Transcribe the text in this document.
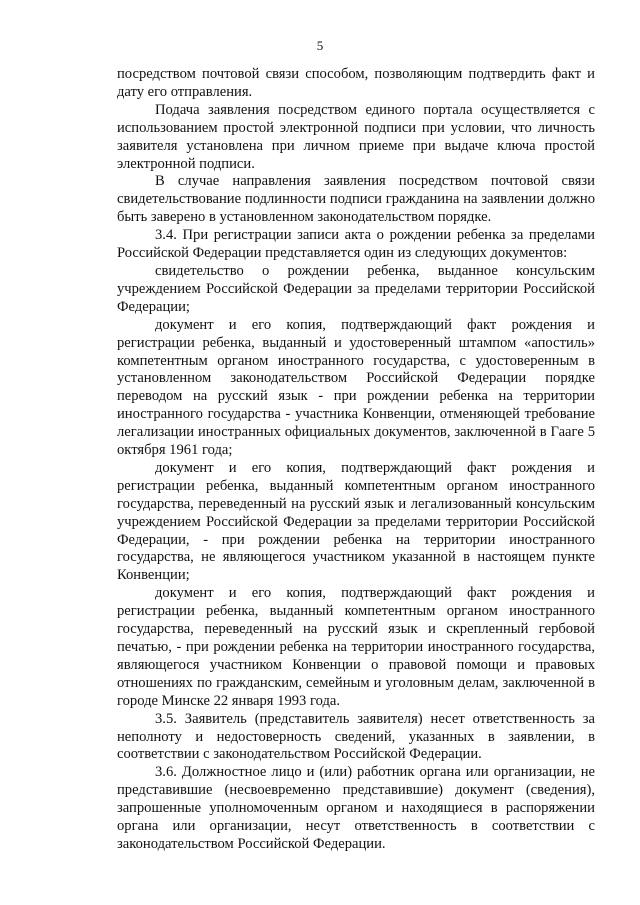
5

посредством почтовой связи способом, позволяющим подтвердить факт и дату его отправления.

Подача заявления посредством единого портала осуществляется с использованием простой электронной подписи при условии, что личность заявителя установлена при личном приеме при выдаче ключа простой электронной подписи.

В случае направления заявления посредством почтовой связи свидетельствование подлинности подписи гражданина на заявлении должно быть заверено в установленном законодательством порядке.

3.4. При регистрации записи акта о рождении ребенка за пределами Российской Федерации представляется один из следующих документов:

свидетельство о рождении ребенка, выданное консульским учреждением Российской Федерации за пределами территории Российской Федерации;

документ и его копия, подтверждающий факт рождения и регистрации ребенка, выданный и удостоверенный штампом «апостиль» компетентным органом иностранного государства, с удостоверенным в установленном законодательством Российской Федерации порядке переводом на русский язык - при рождении ребенка на территории иностранного государства - участника Конвенции, отменяющей требование легализации иностранных официальных документов, заключенной в Гааге 5 октября 1961 года;

документ и его копия, подтверждающий факт рождения и регистрации ребенка, выданный компетентным органом иностранного государства, переведенный на русский язык и легализованный консульским учреждением Российской Федерации за пределами территории Российской Федерации, - при рождении ребенка на территории иностранного государства, не являющегося участником указанной в настоящем пункте Конвенции;

документ и его копия, подтверждающий факт рождения и регистрации ребенка, выданный компетентным органом иностранного государства, переведенный на русский язык и скрепленный гербовой печатью, - при рождении ребенка на территории иностранного государства, являющегося участником Конвенции о правовой помощи и правовых отношениях по гражданским, семейным и уголовным делам, заключенной в городе Минске 22 января 1993 года.

3.5. Заявитель (представитель заявителя) несет ответственность за неполноту и недостоверность сведений, указанных в заявлении, в соответствии с законодательством Российской Федерации.

3.6. Должностное лицо и (или) работник органа или организации, не представившие (несвоевременно представившие) документ (сведения), запрошенные уполномоченным органом и находящиеся в распоряжении органа или организации, несут ответственность в соответствии с законодательством Российской Федерации.
